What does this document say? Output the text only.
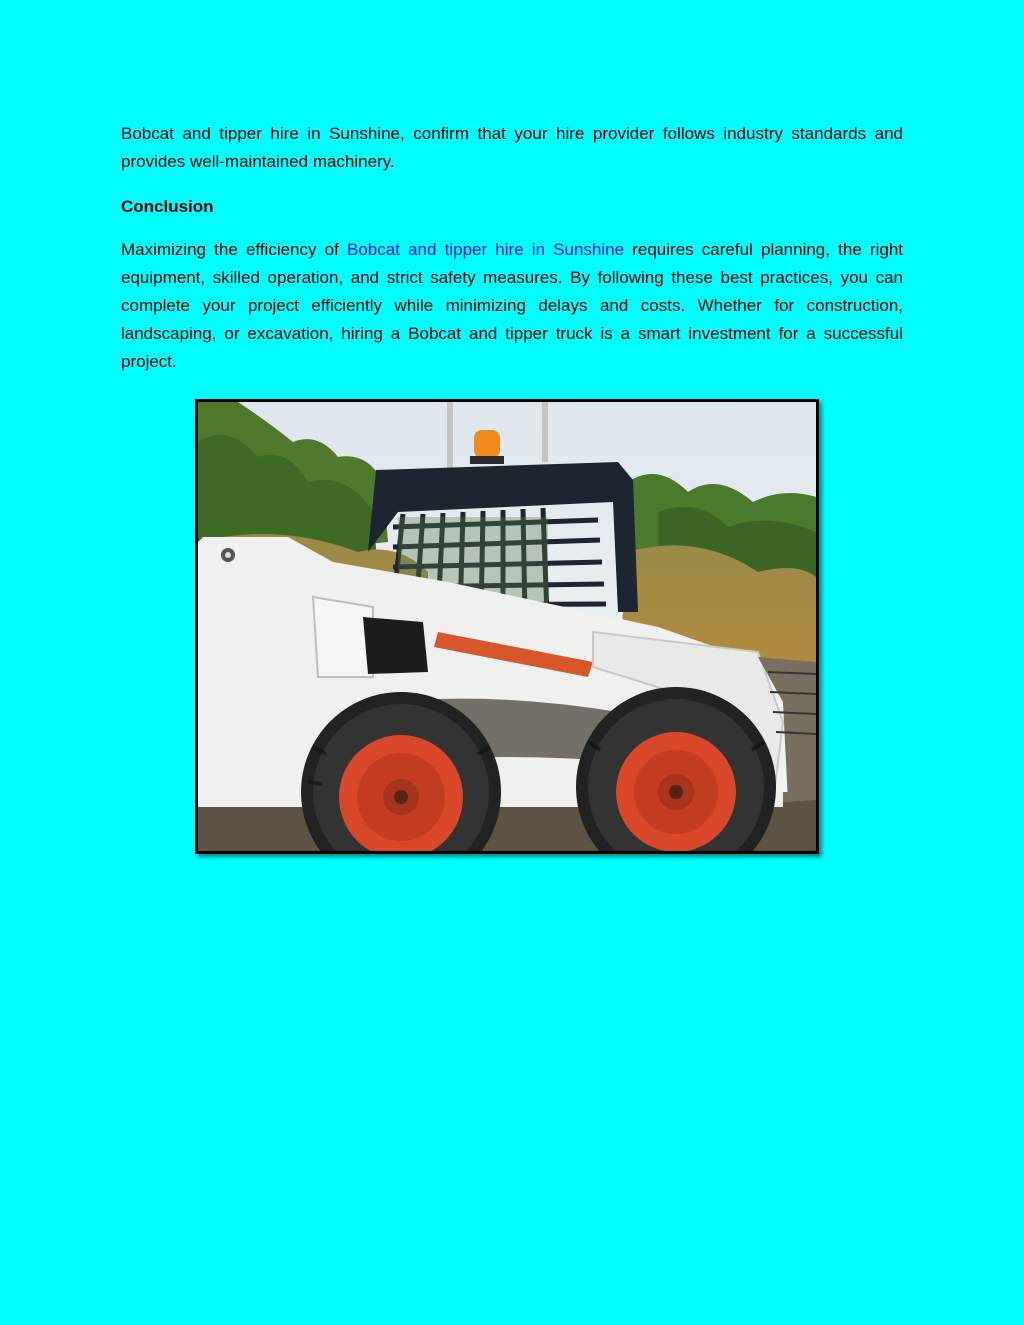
Bobcat and tipper hire in Sunshine, confirm that your hire provider follows industry standards and provides well-maintained machinery.

Conclusion

Maximizing the efficiency of Bobcat and tipper hire in Sunshine requires careful planning, the right equipment, skilled operation, and strict safety measures. By following these best practices, you can complete your project efficiently while minimizing delays and costs. Whether for construction, landscaping, or excavation, hiring a Bobcat and tipper truck is a smart investment for a successful project.
